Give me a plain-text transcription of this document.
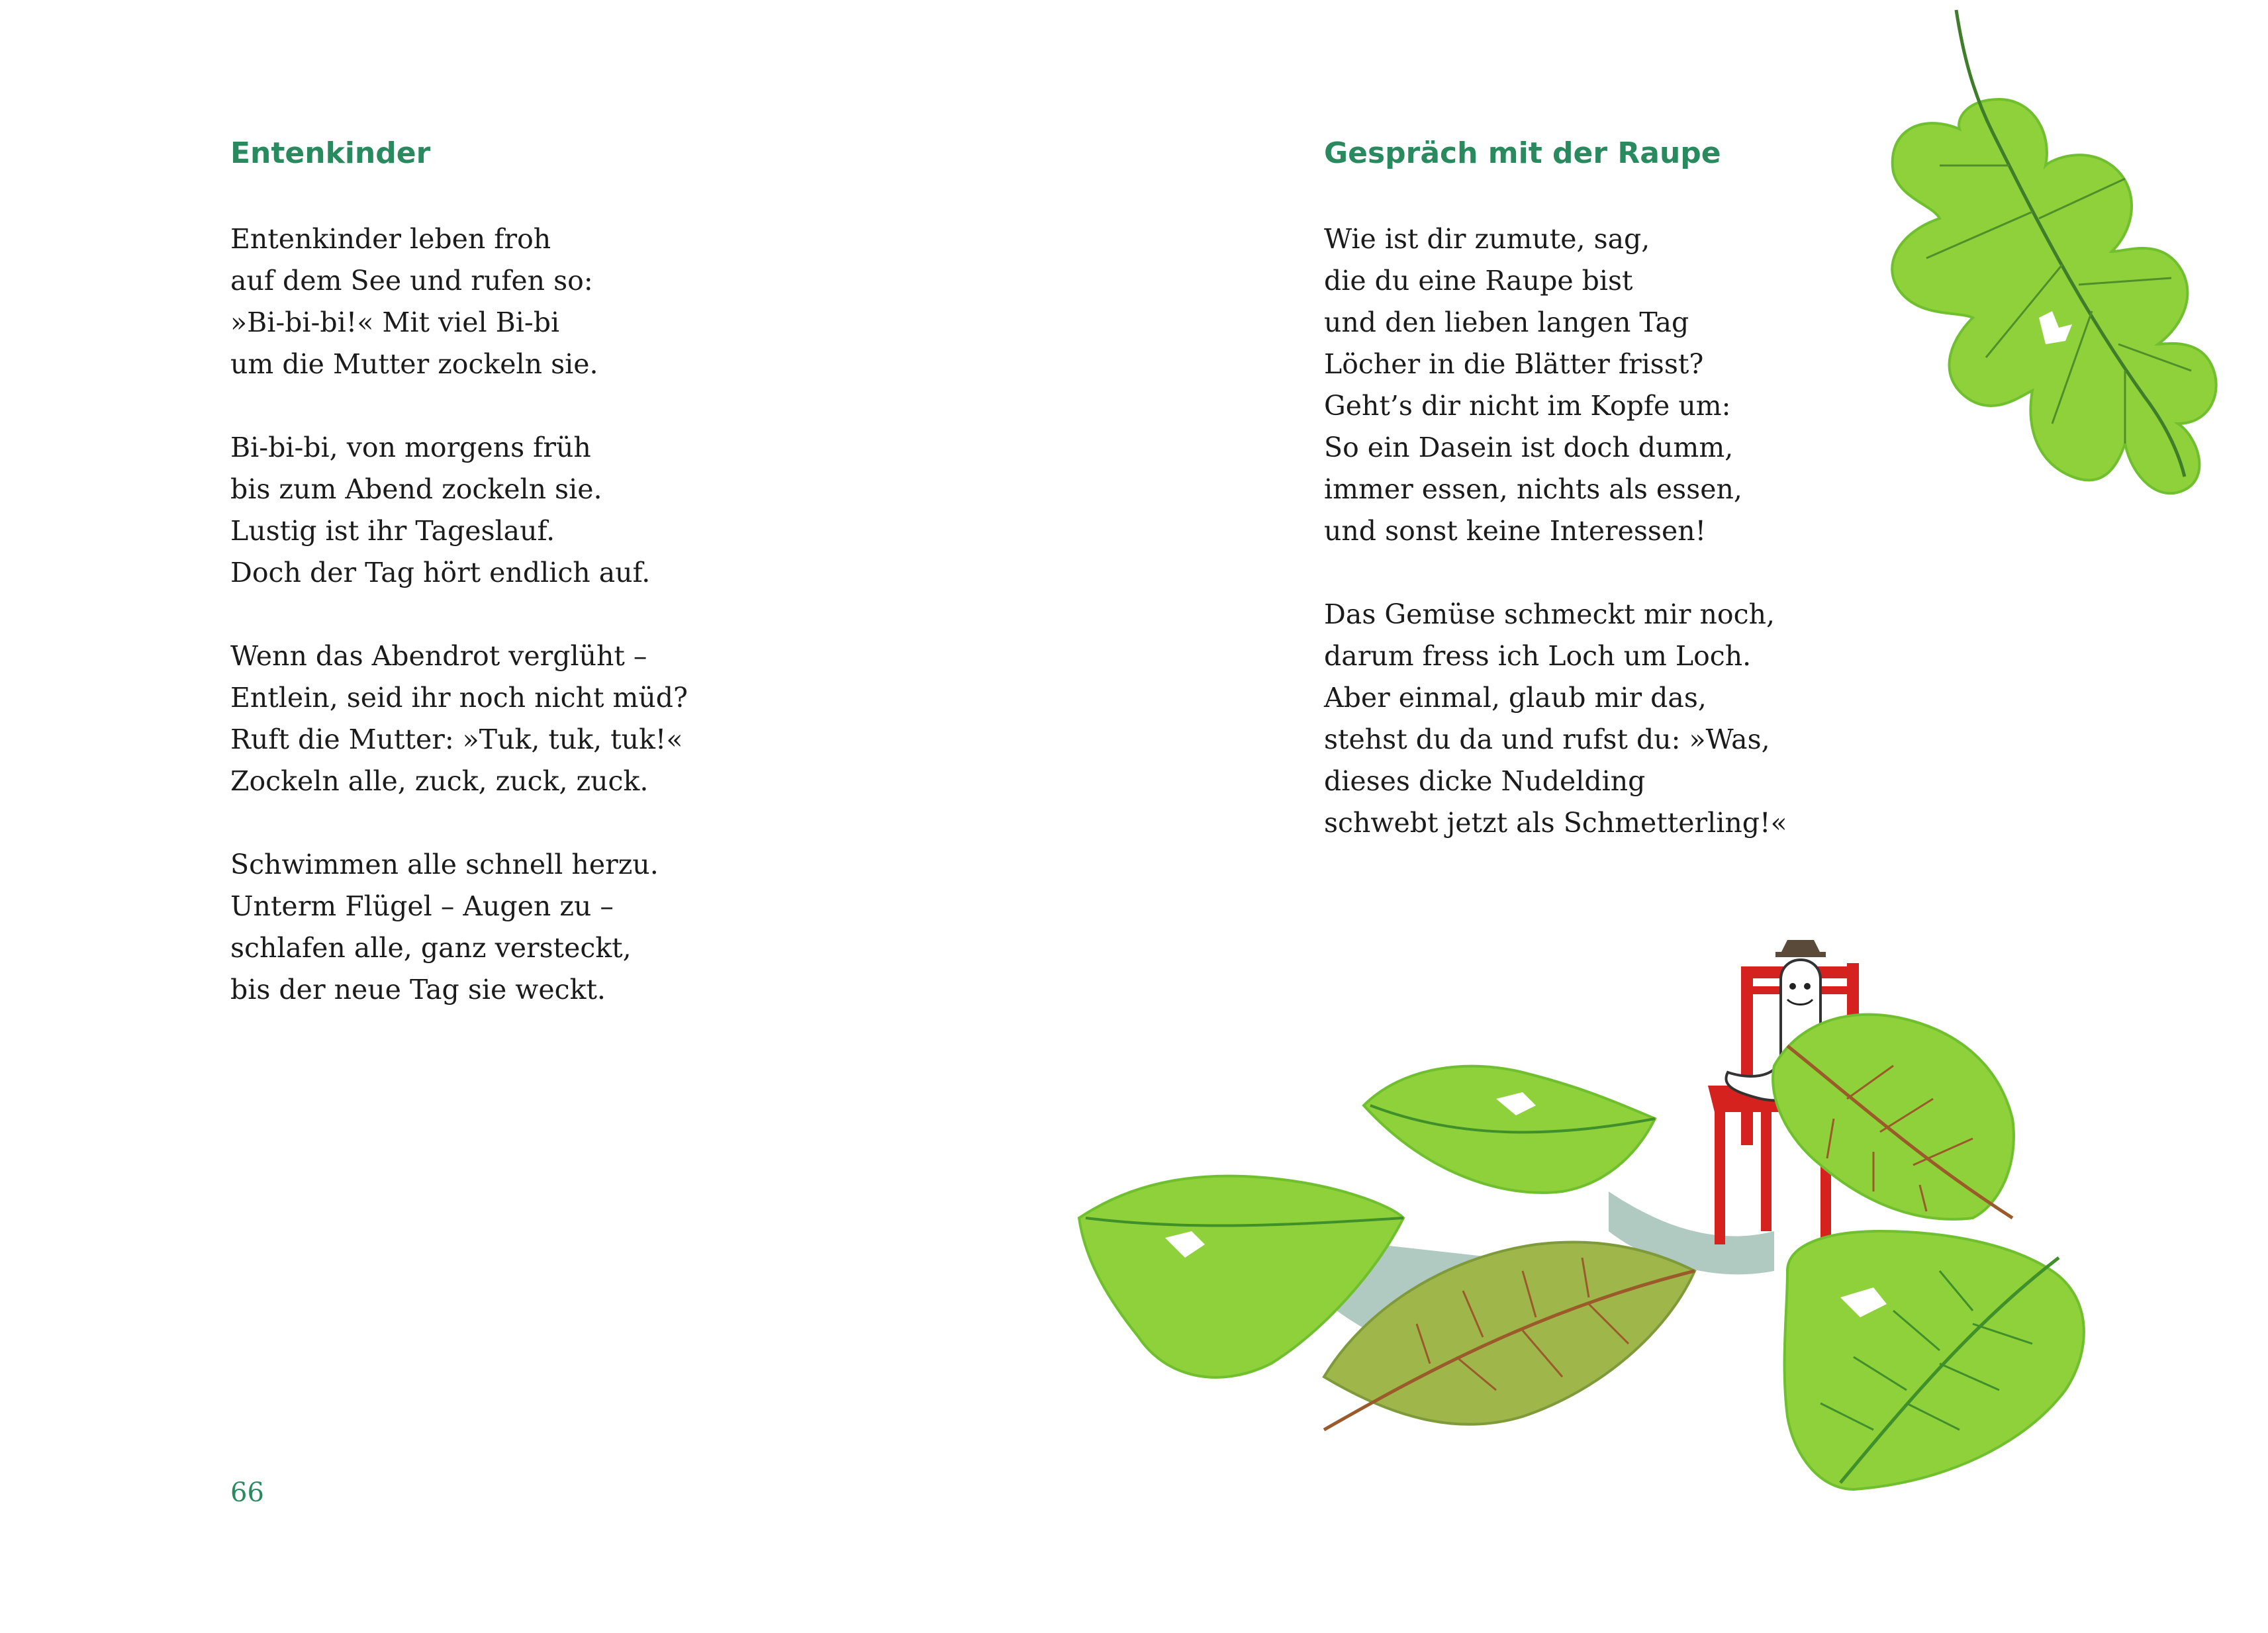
Entenkinder
Entenkinder leben froh
auf dem See und rufen so:
»Bi-bi-bi!« Mit viel Bi-bi
um die Mutter zockeln sie.
Bi-bi-bi, von morgens früh
bis zum Abend zockeln sie.
Lustig ist ihr Tageslauf.
Doch der Tag hört endlich auf.
Wenn das Abendrot verglüht –
Entlein, seid ihr noch nicht müd?
Ruft die Mutter: »Tuk, tuk, tuk!«
Zockeln alle, zuck, zuck, zuck.
Schwimmen alle schnell herzu.
Unterm Flügel – Augen zu –
schlafen alle, ganz versteckt,
bis der neue Tag sie weckt.
66
Gespräch mit der Raupe
Wie ist dir zumute, sag,
die du eine Raupe bist
und den lieben langen Tag
Löcher in die Blätter frisst?
Geht’s dir nicht im Kopfe um:
So ein Dasein ist doch dumm,
immer essen, nichts als essen,
und sonst keine Interessen!
Das Gemüse schmeckt mir noch,
darum fress ich Loch um Loch.
Aber einmal, glaub mir das,
stehst du da und rufst du: »Was,
dieses dicke Nudelding
schwebt jetzt als Schmetterling!«
